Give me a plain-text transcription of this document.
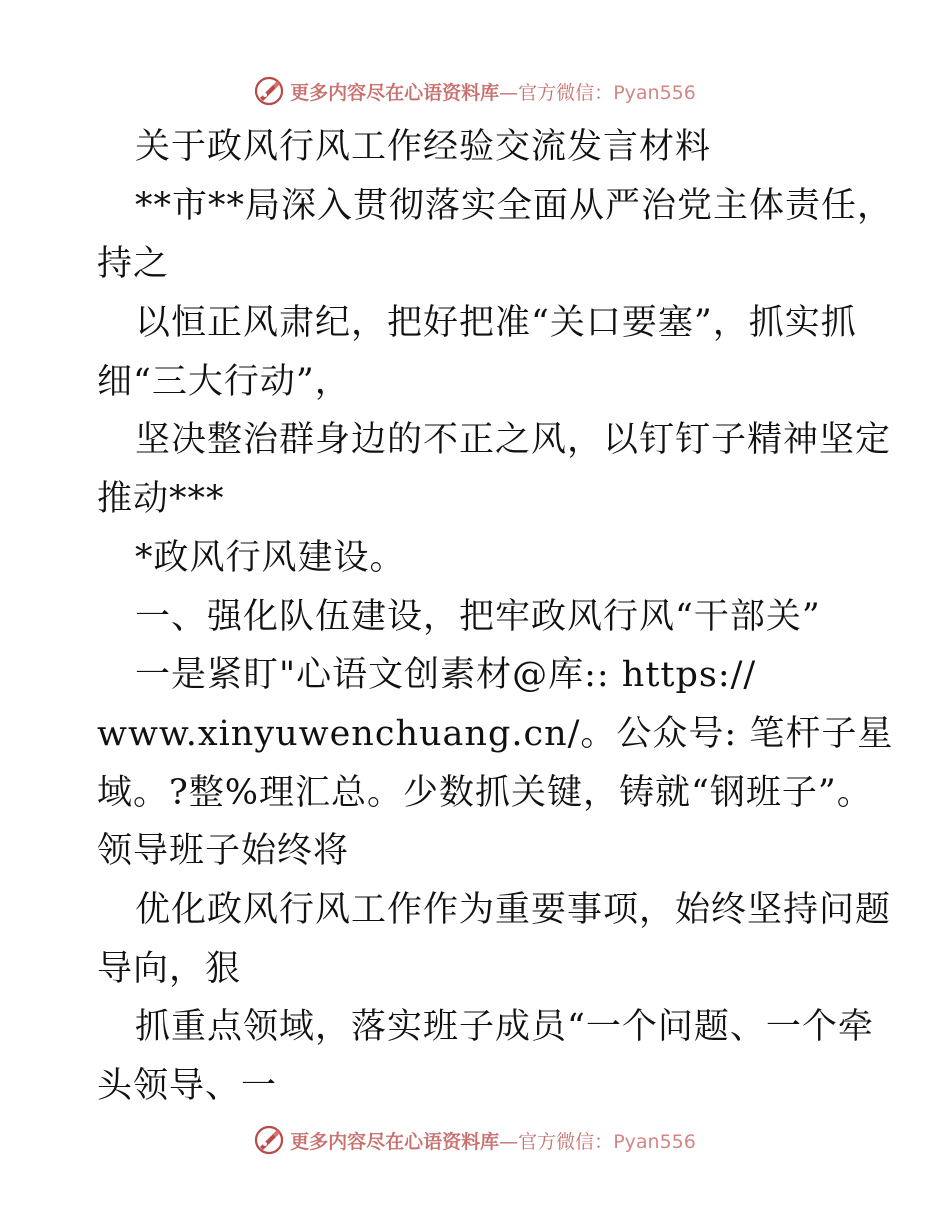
更多内容尽在心语资料库—官方微信：Pyan556
关于政风行风工作经验交流发言材料
**市**局深入贯彻落实全面从严治党主体责任，
持之
以恒正风肃纪，把好把准“关口要塞”，抓实抓
细“三大行动”，
坚决整治群身边的不正之风，以钉钉子精神坚定
推动***
*政风行风建设。
一、强化队伍建设，把牢政风行风“干部关”
一是紧盯"心语文创素材@库:: https://
www.xinyuwenchuang.cn/。公众号: 笔杆子星
域。?整%理汇总。少数抓关键，铸就“钢班子”。
领导班子始终将
优化政风行风工作作为重要事项，始终坚持问题
导向，狠
抓重点领域，落实班子成员“一个问题、一个牵
头领导、一
更多内容尽在心语资料库—官方微信：Pyan556
